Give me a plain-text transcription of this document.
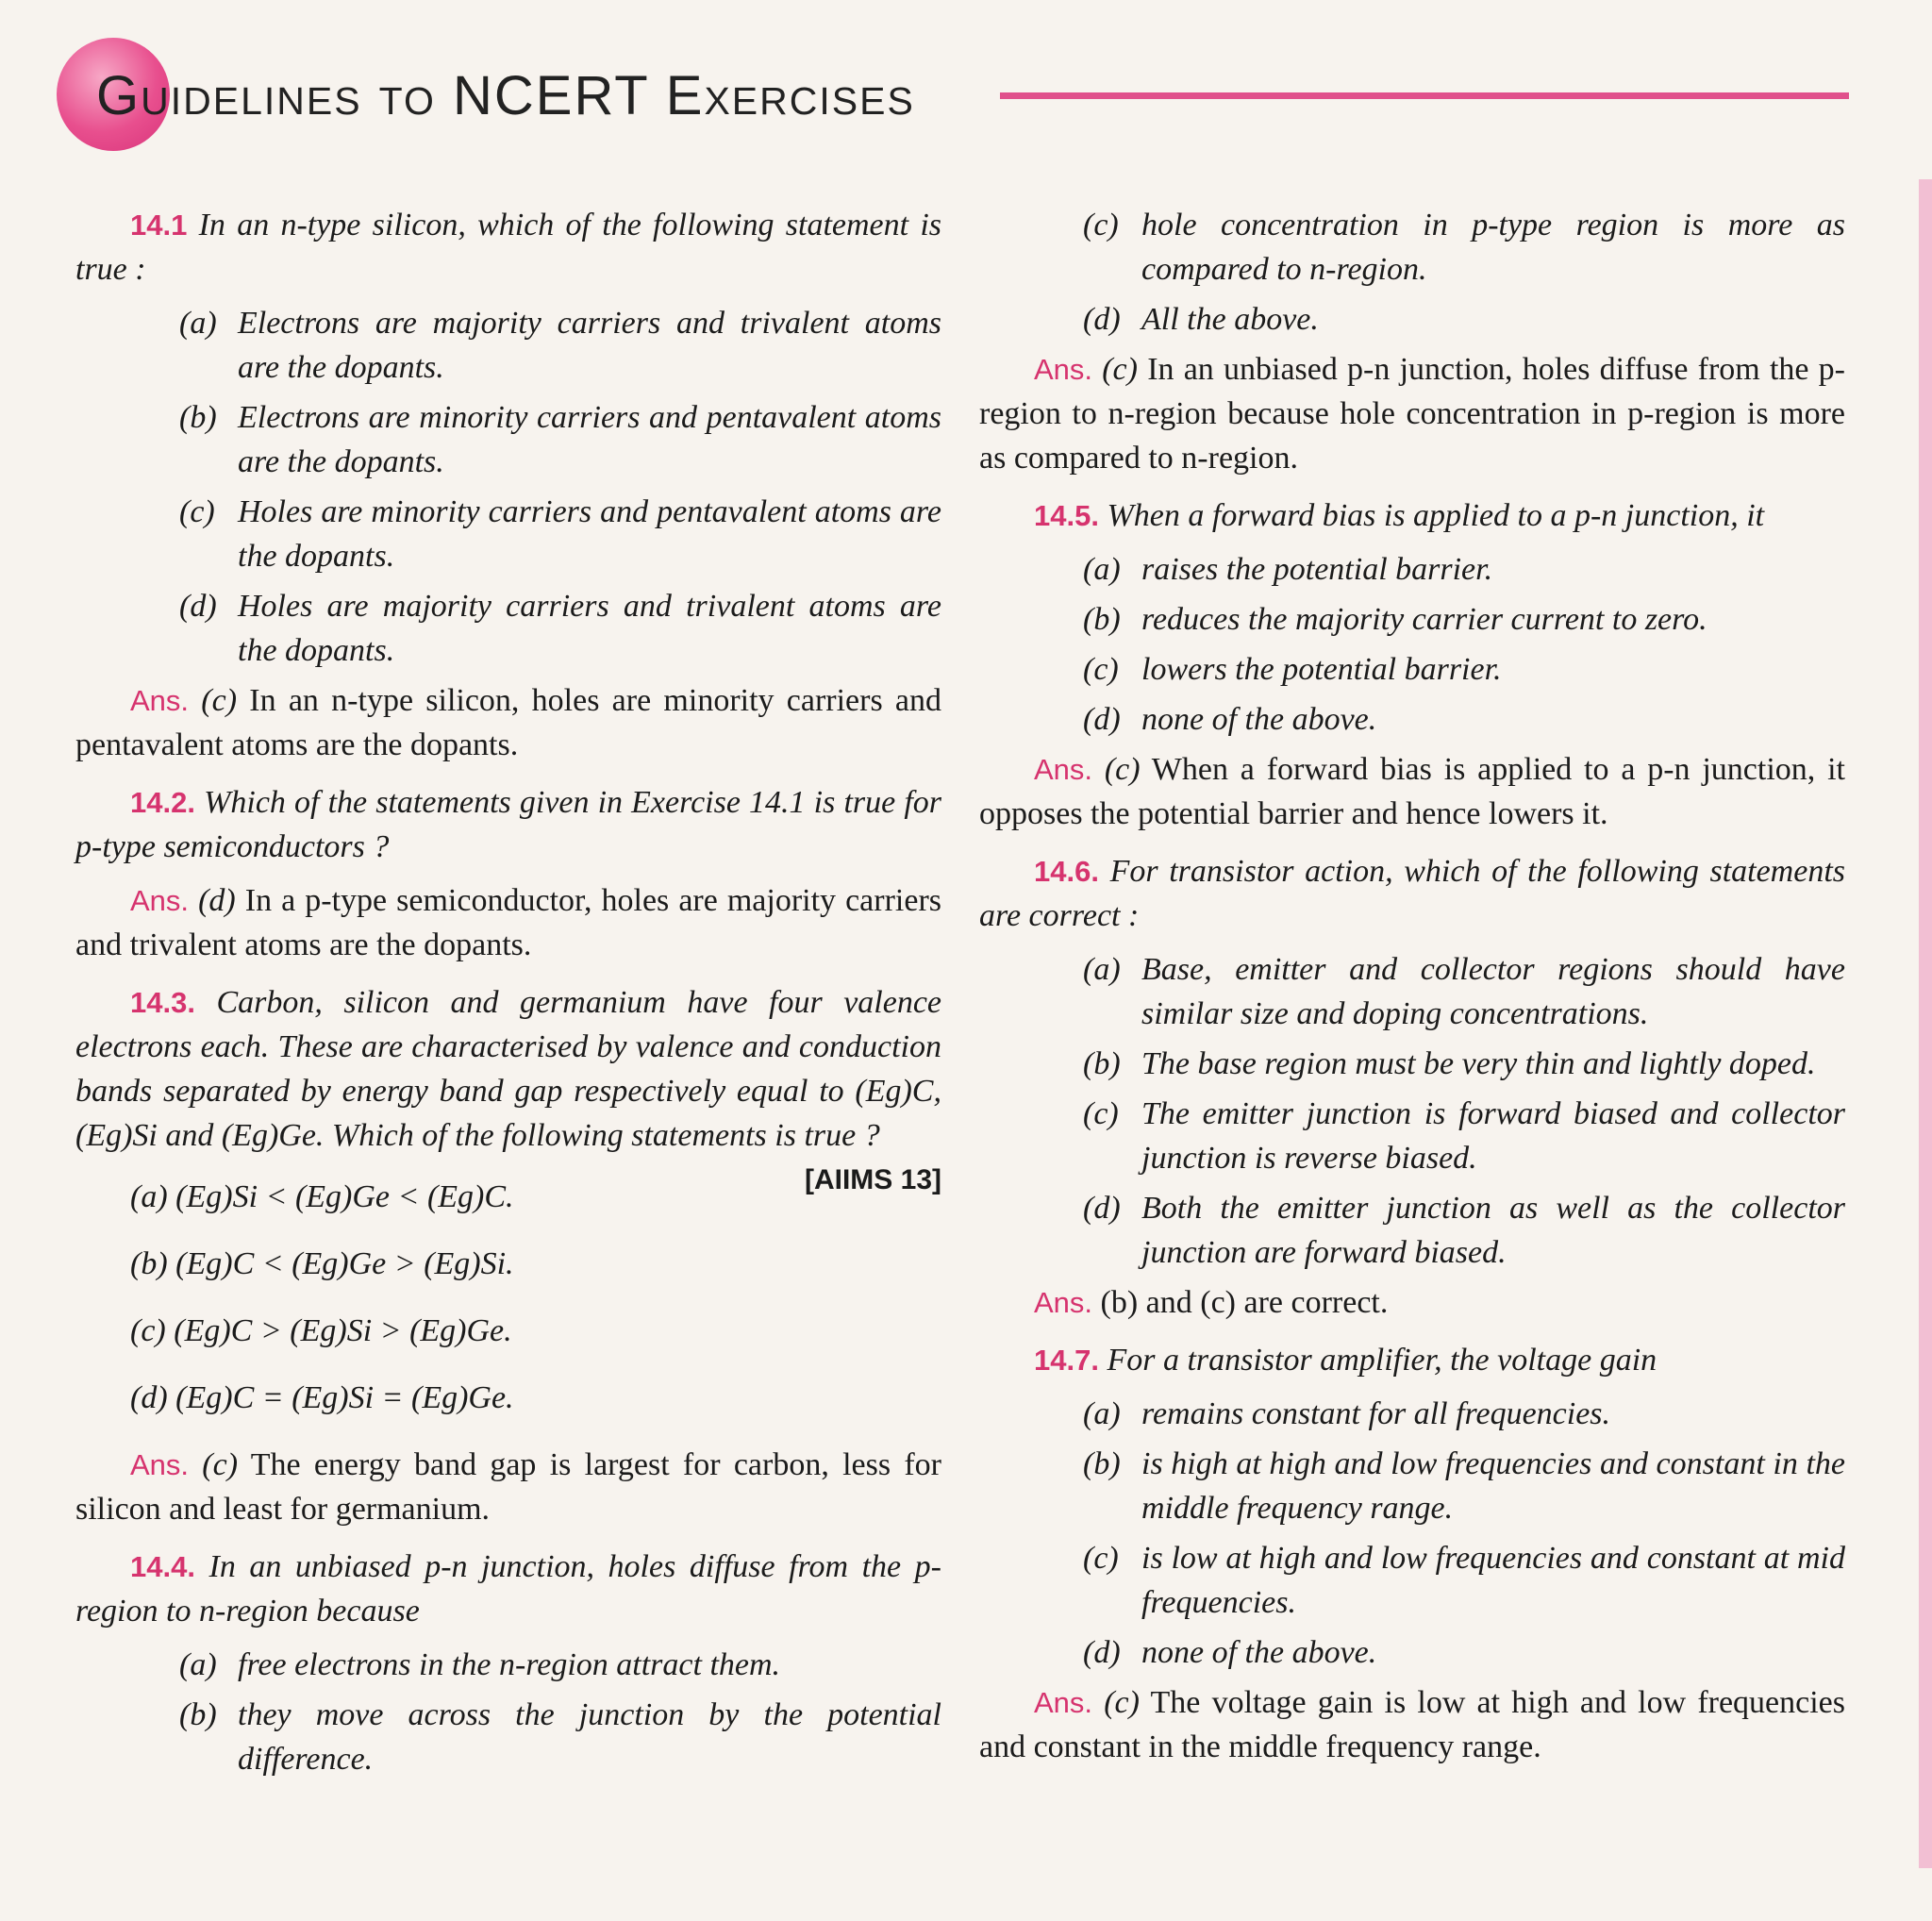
Guidelines to NCERT Exercises

14.1 In an n-type silicon, which of the following statement is true :

(a) Electrons are majority carriers and trivalent atoms are the dopants.
(b) Electrons are minority carriers and pentavalent atoms are the dopants.
(c) Holes are minority carriers and pentavalent atoms are the dopants.
(d) Holes are majority carriers and trivalent atoms are the dopants.

Ans. (c) In an n-type silicon, holes are minority carriers and pentavalent atoms are the dopants.

14.2. Which of the statements given in Exercise 14.1 is true for p-type semiconductors ?

Ans. (d) In a p-type semiconductor, holes are majority carriers and trivalent atoms are the dopants.

14.3. Carbon, silicon and germanium have four valence electrons each. These are characterised by valence and conduction bands separated by energy band gap respectively equal to (Eg)C, (Eg)Si and (Eg)Ge. Which of the following statements is true ?
[AIIMS 13]

(a) (Eg)Si < (Eg)Ge < (Eg)C.
(b) (Eg)C < (Eg)Ge > (Eg)Si.
(c) (Eg)C > (Eg)Si > (Eg)Ge.
(d) (Eg)C = (Eg)Si = (Eg)Ge.

Ans. (c) The energy band gap is largest for carbon, less for silicon and least for germanium.

14.4. In an unbiased p-n junction, holes diffuse from the p-region to n-region because

(a) free electrons in the n-region attract them.
(b) they move across the junction by the potential difference.
(c) hole concentration in p-type region is more as compared to n-region.
(d) All the above.

Ans. (c) In an unbiased p-n junction, holes diffuse from the p-region to n-region because hole concentration in p-region is more as compared to n-region.

14.5. When a forward bias is applied to a p-n junction, it

(a) raises the potential barrier.
(b) reduces the majority carrier current to zero.
(c) lowers the potential barrier.
(d) none of the above.

Ans. (c) When a forward bias is applied to a p-n junction, it opposes the potential barrier and hence lowers it.

14.6. For transistor action, which of the following statements are correct :

(a) Base, emitter and collector regions should have similar size and doping concentrations.
(b) The base region must be very thin and lightly doped.
(c) The emitter junction is forward biased and collector junction is reverse biased.
(d) Both the emitter junction as well as the collector junction are forward biased.

Ans. (b) and (c) are correct.

14.7. For a transistor amplifier, the voltage gain

(a) remains constant for all frequencies.
(b) is high at high and low frequencies and constant in the middle frequency range.
(c) is low at high and low frequencies and constant at mid frequencies.
(d) none of the above.

Ans. (c) The voltage gain is low at high and low frequencies and constant in the middle frequency range.
